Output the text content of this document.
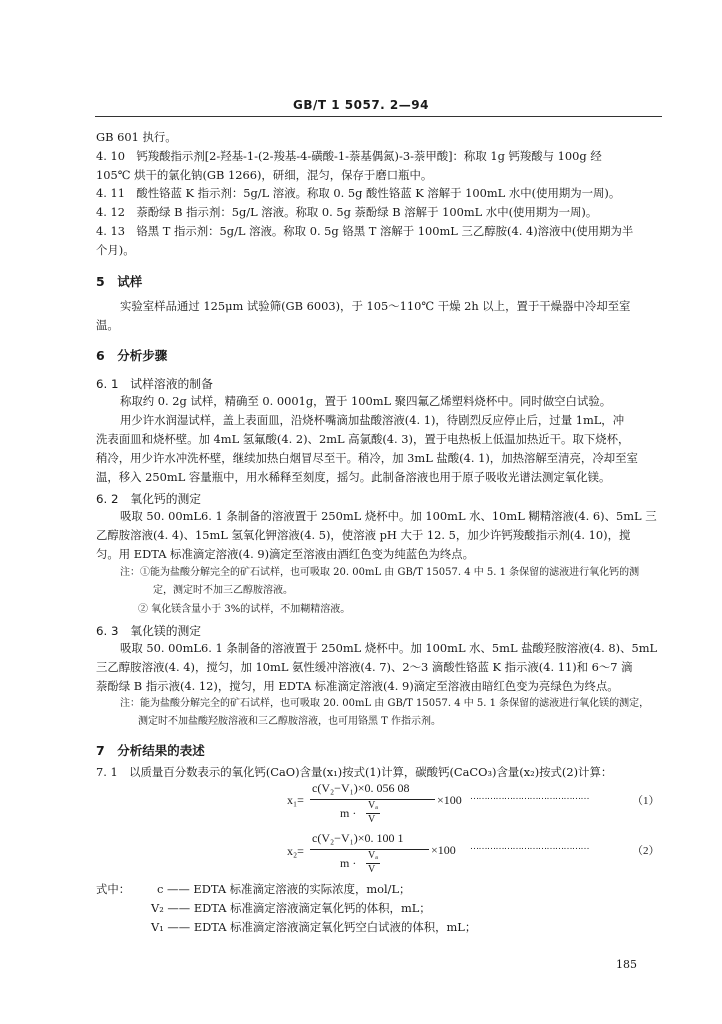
GB/T 1 5057. 2—94
GB 601 执行。
4. 10　钙羧酸指示剂[2-羟基-1-(2-羧基-4-磺酸-1-萘基偶氮)-3-萘甲酸]：称取 1g 钙羧酸与 100g 经
105℃ 烘干的氯化钠(GB 1266)，研细，混匀，保存于磨口瓶中。
4. 11　酸性铬蓝 K 指示剂：5g/L 溶液。称取 0. 5g 酸性铬蓝 K 溶解于 100mL 水中(使用期为一周)。
4. 12　萘酚绿 B 指示剂：5g/L 溶液。称取 0. 5g 萘酚绿 B 溶解于 100mL 水中(使用期为一周)。
4. 13　铬黑 T 指示剂：5g/L 溶液。称取 0. 5g 铬黑 T 溶解于 100mL 三乙醇胺(4. 4)溶液中(使用期为半
个月)。
5　试样
实验室样品通过 125μm 试验筛(GB 6003)，于 105～110℃ 干燥 2h 以上，置于干燥器中冷却至室
温。
6　分析步骤
6. 1　试样溶液的制备
称取约 0. 2g 试样，精确至 0. 0001g，置于 100mL 聚四氟乙烯塑料烧杯中。同时做空白试验。
用少许水润湿试样，盖上表面皿，沿烧杯嘴滴加盐酸溶液(4. 1)，待剧烈反应停止后，过量 1mL，冲
洗表面皿和烧杯壁。加 4mL 氢氟酸(4. 2)、2mL 高氯酸(4. 3)，置于电热板上低温加热近干。取下烧杯，
稍冷，用少许水冲洗杯壁，继续加热白烟冒尽至干。稍冷，加 3mL 盐酸(4. 1)，加热溶解至清亮，冷却至室
温，移入 250mL 容量瓶中，用水稀释至刻度，摇匀。此制备溶液也用于原子吸收光谱法测定氧化镁。
6. 2　氧化钙的测定
吸取 50. 00mL6. 1 条制备的溶液置于 250mL 烧杯中。加 100mL 水、10mL 糊精溶液(4. 6)、5mL 三
乙醇胺溶液(4. 4)、15mL 氢氧化钾溶液(4. 5)，使溶液 pH 大于 12. 5，加少许钙羧酸指示剂(4. 10)，搅
匀。用 EDTA 标准滴定溶液(4. 9)滴定至溶液由酒红色变为纯蓝色为终点。
注：①能为盐酸分解完全的矿石试样，也可吸取 20. 00mL 由 GB/T 15057. 4 中 5. 1 条保留的滤液进行氧化钙的测
定，测定时不加三乙醇胺溶液。
② 氧化镁含量小于 3%的试样，不加糊精溶液。
6. 3　氧化镁的测定
吸取 50. 00mL6. 1 条制备的溶液置于 250mL 烧杯中。加 100mL 水、5mL 盐酸羟胺溶液(4. 8)、5mL
三乙醇胺溶液(4. 4)，搅匀，加 10mL 氨性缓冲溶液(4. 7)、2～3 滴酸性铬蓝 K 指示液(4. 11)和 6～7 滴
萘酚绿 B 指示液(4. 12)，搅匀，用 EDTA 标准滴定溶液(4. 9)滴定至溶液由暗红色变为亮绿色为终点。
注：能为盐酸分解完全的矿石试样，也可吸取 20. 00mL 由 GB/T 15057. 4 中 5. 1 条保留的滤液进行氧化镁的测定，
测定时不加盐酸羟胺溶液和三乙醇胺溶液，也可用铬黑 T 作指示剂。
7　分析结果的表述
7. 1　以质量百分数表示的氧化钙(CaO)含量(x₁)按式(1)计算，碳酸钙(CaCO₃)含量(x₂)按式(2)计算：
x₁=
c(V₂−V₁)×0. 056 08
m ·
Vₐ
V
×100 ……………………………………	（1）
x₂=
c(V₂−V₁)×0. 100 1
m ·
Vₐ
V
×100 ……………………………………	（2）
式中： c —— EDTA 标准滴定溶液的实际浓度，mol/L；
V₂ —— EDTA 标准滴定溶液滴定氧化钙的体积，mL；
V₁ —— EDTA 标准滴定溶液滴定氧化钙空白试液的体积，mL；
185
